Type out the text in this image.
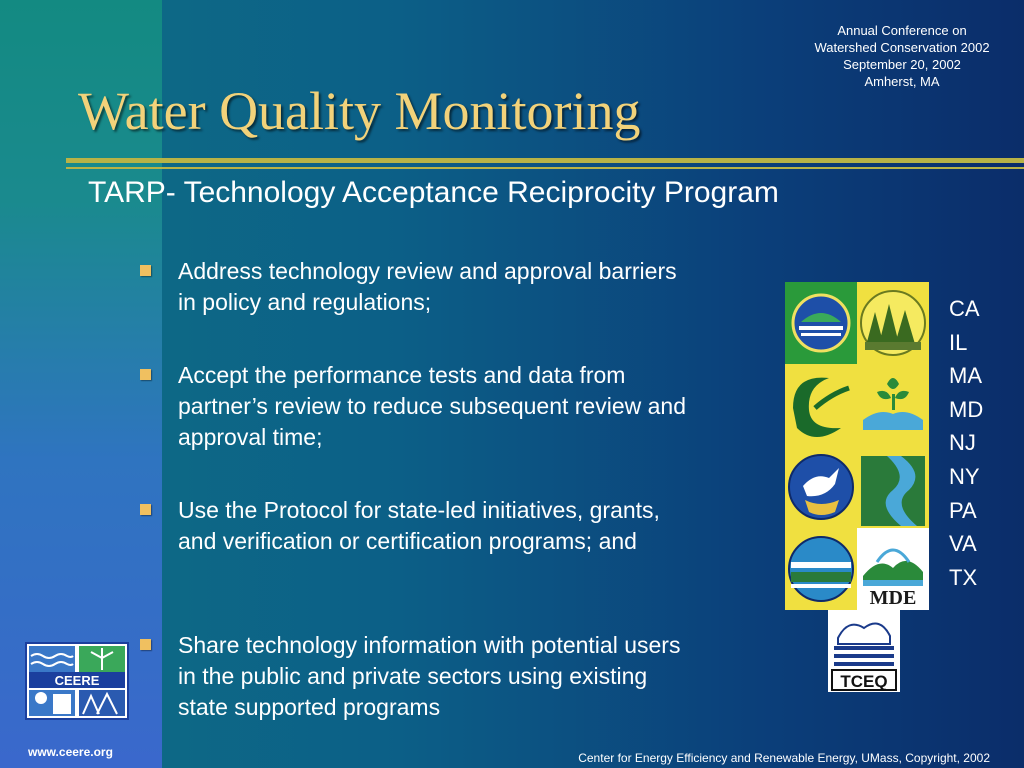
Annual Conference on
Watershed Conservation 2002
September 20, 2002
Amherst, MA
Water Quality Monitoring
TARP- Technology Acceptance Reciprocity Program
Address technology review and approval barriers in policy and regulations;
Accept the performance tests and data from partner’s review to reduce subsequent review and approval time;
Use the Protocol for state-led initiatives, grants, and verification or certification programs; and
Share technology information with potential users in the public and private sectors using existing state supported programs
MDE
TCEQ
CA
IL
MA
MD
NJ
NY
PA
VA
TX
CEERE
www.ceere.org	Center for Energy Efficiency and Renewable Energy, UMass, Copyright, 2002
